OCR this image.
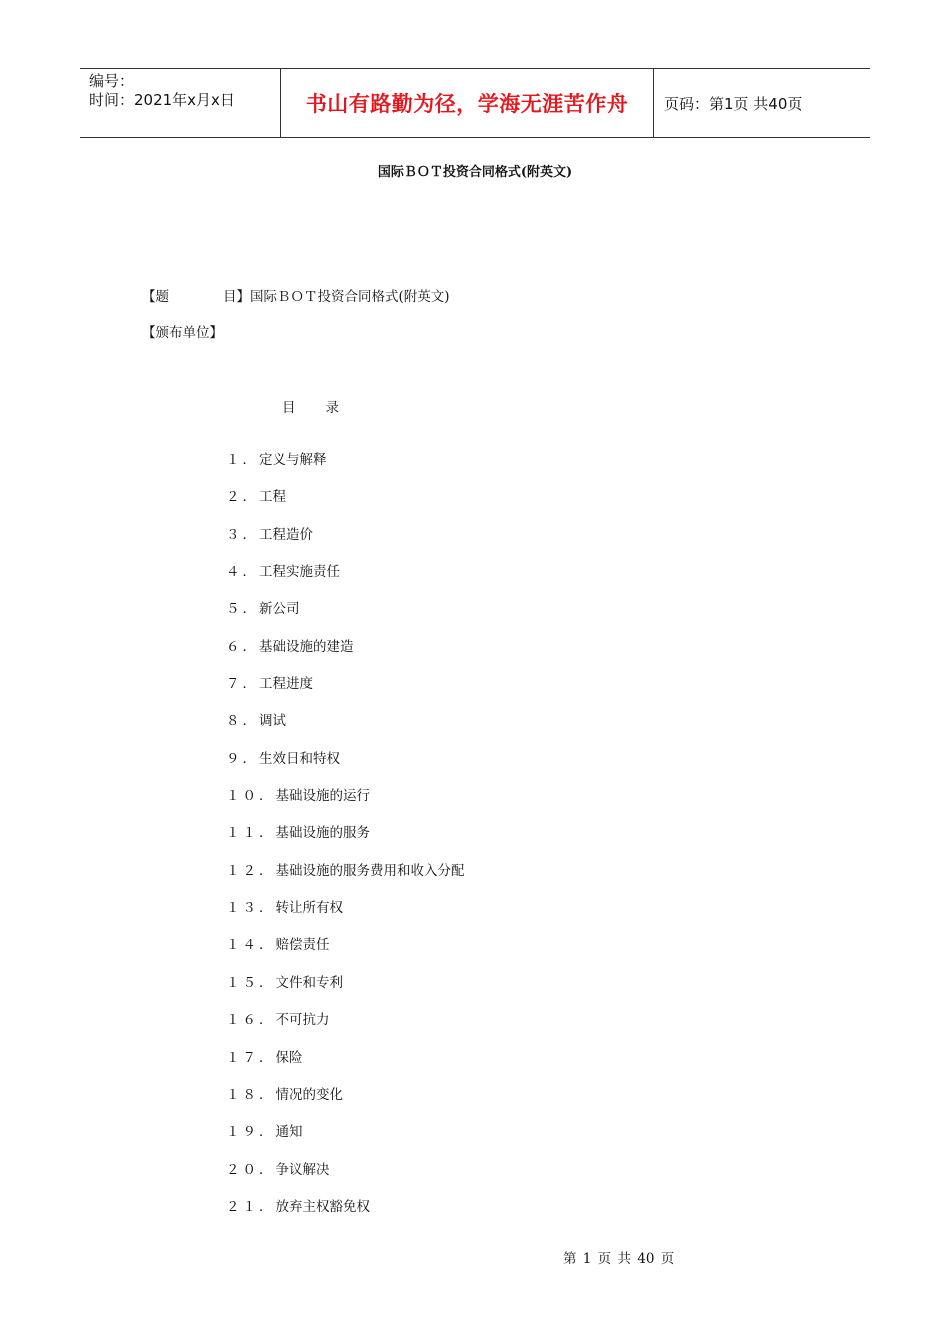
编号：
时间：2021年x月x日	书山有路勤为径，学海无涯苦作舟	页码：第1页 共40页
国际ＢＯＴ投资合同格式(附英文)
【题　　　　目】国际ＢＯＴ投资合同格式(附英文)
【颁布单位】
目　　录
１．定义与解释
２．工程
３．工程造价
４．工程实施责任
５．新公司
６．基础设施的建造
７．工程进度
８．调试
９．生效日和特权
１０．基础设施的运行
１１．基础设施的服务
１２．基础设施的服务费用和收入分配
１３．转让所有权
１４．赔偿责任
１５．文件和专利
１６．不可抗力
１７．保险
１８．情况的变化
１９．通知
２０．争议解决
２１．放弃主权豁免权
第 1 页 共 40 页
